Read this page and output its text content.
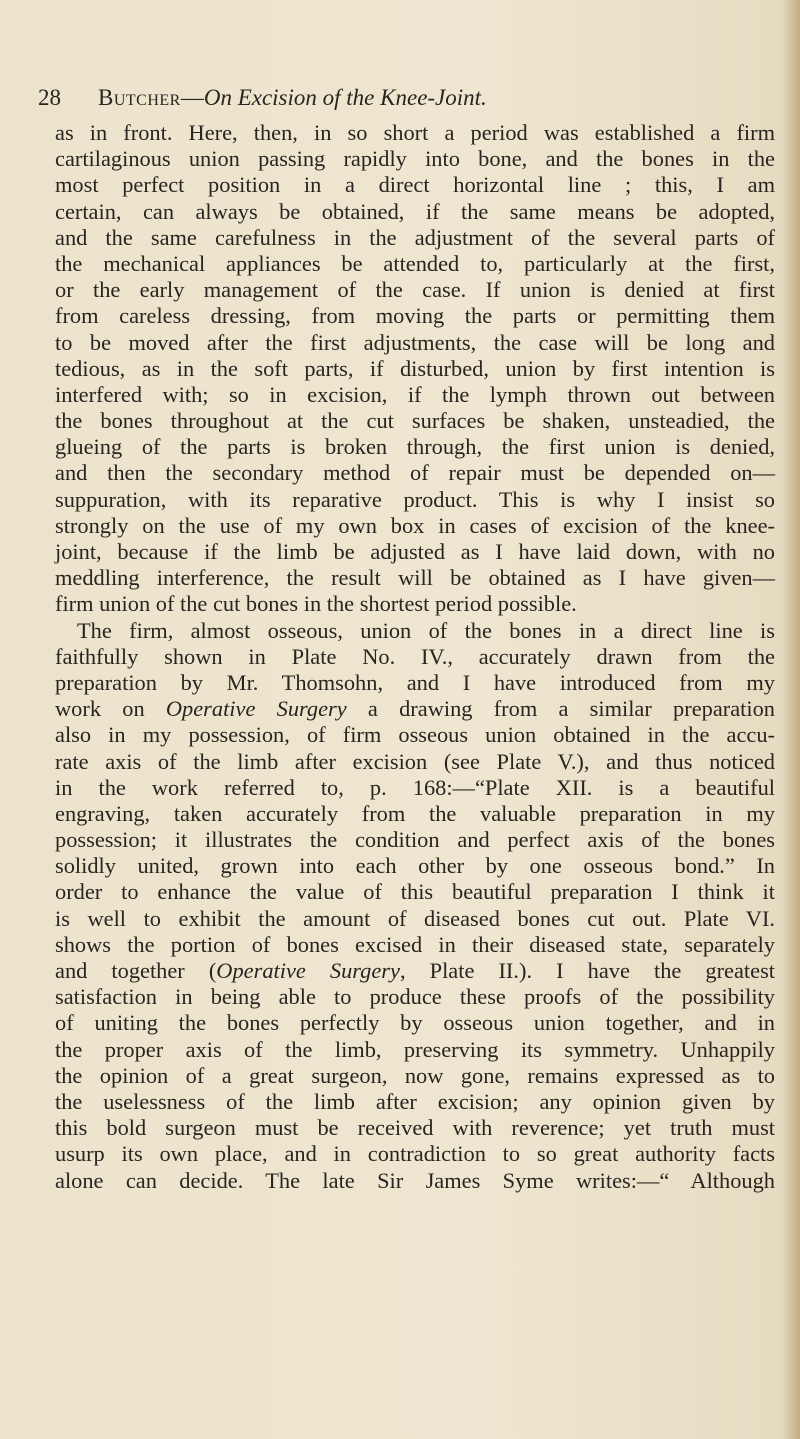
28 Butcher—On Excision of the Knee-Joint.
as in front. Here, then, in so short a period was established a firm
cartilaginous union passing rapidly into bone, and the bones in the
most perfect position in a direct horizontal line ; this, I am
certain, can always be obtained, if the same means be adopted,
and the same carefulness in the adjustment of the several parts of
the mechanical appliances be attended to, particularly at the first,
or the early management of the case. If union is denied at first
from careless dressing, from moving the parts or permitting them
to be moved after the first adjustments, the case will be long and
tedious, as in the soft parts, if disturbed, union by first intention is
interfered with; so in excision, if the lymph thrown out between
the bones throughout at the cut surfaces be shaken, unsteadied, the
glueing of the parts is broken through, the first union is denied,
and then the secondary method of repair must be depended on—
suppuration, with its reparative product. This is why I insist so
strongly on the use of my own box in cases of excision of the knee-
joint, because if the limb be adjusted as I have laid down, with no
meddling interference, the result will be obtained as I have given—
firm union of the cut bones in the shortest period possible.
The firm, almost osseous, union of the bones in a direct line is
faithfully shown in Plate No. IV., accurately drawn from the
preparation by Mr. Thomsohn, and I have introduced from my
work on Operative Surgery a drawing from a similar preparation
also in my possession, of firm osseous union obtained in the accu-
rate axis of the limb after excision (see Plate V.), and thus noticed
in the work referred to, p. 168:—“Plate XII. is a beautiful
engraving, taken accurately from the valuable preparation in my
possession; it illustrates the condition and perfect axis of the bones
solidly united, grown into each other by one osseous bond.” In
order to enhance the value of this beautiful preparation I think it
is well to exhibit the amount of diseased bones cut out. Plate VI.
shows the portion of bones excised in their diseased state, separately
and together (Operative Surgery, Plate II.). I have the greatest
satisfaction in being able to produce these proofs of the possibility
of uniting the bones perfectly by osseous union together, and in
the proper axis of the limb, preserving its symmetry. Unhappily
the opinion of a great surgeon, now gone, remains expressed as to
the uselessness of the limb after excision; any opinion given by
this bold surgeon must be received with reverence; yet truth must
usurp its own place, and in contradiction to so great authority facts
alone can decide. The late Sir James Syme writes:—“ Although
